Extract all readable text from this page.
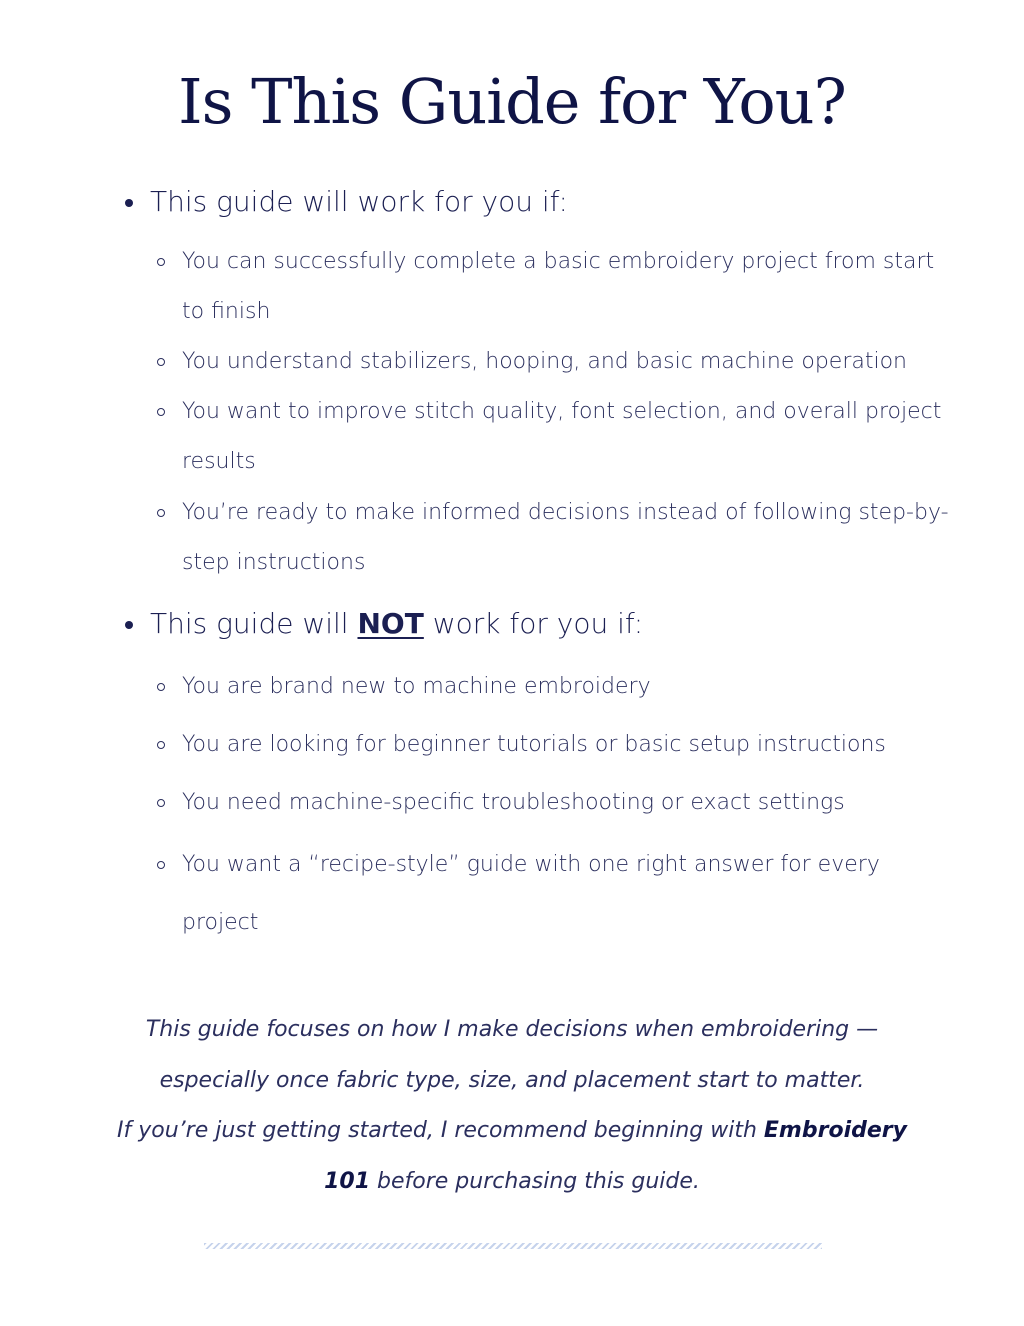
Is This Guide for You?
This guide will work for you if:
You can successfully complete a basic embroidery project from start to finish
You understand stabilizers, hooping, and basic machine operation
You want to improve stitch quality, font selection, and overall project results
You’re ready to make informed decisions instead of following step-by-step instructions
This guide will NOT work for you if:
You are brand new to machine embroidery
You are looking for beginner tutorials or basic setup instructions
You need machine-specific troubleshooting or exact settings
You want a “recipe-style” guide with one right answer for every project
This guide focuses on how I make decisions when embroidering — especially once fabric type, size, and placement start to matter.
If you’re just getting started, I recommend beginning with Embroidery 101 before purchasing this guide.
